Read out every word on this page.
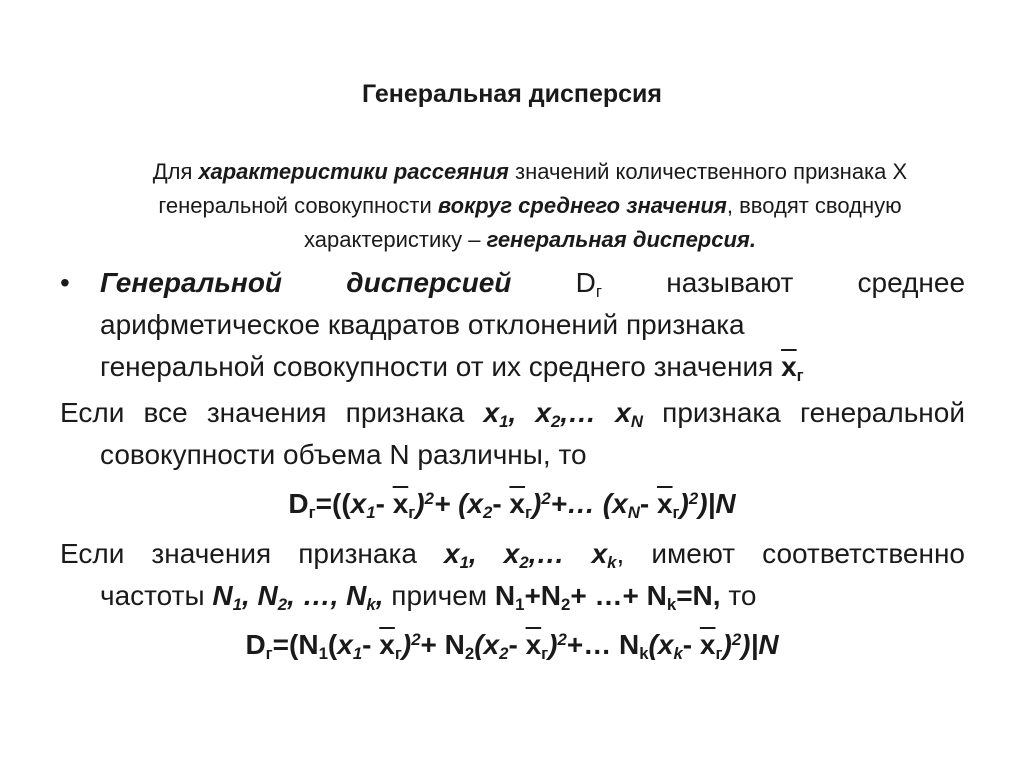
Генеральная дисперсия
Для характеристики рассеяния значений количественного признака X
генеральной совокупности вокруг среднего значения, вводят сводную
характеристику – генеральная дисперсия.
• Генеральной дисперсией $D_г$ называют среднее арифметическое квадратов отклонений признака
генеральной совокупности от их среднего значения $\overline{x}_г$
Если все значения признака $x_1$, $x_2,\dots$ $x_N$ признака генеральной
совокупности объема N различны, то
$D_г=((x_1-$ $\overline{x}_г)^2+ (x_2-$ $\overline{x}_г)^2+\dots$ ($x_N-$ $\overline{x}_г)^2)|N$
Если значения признака $x_1$, $x_2,\dots$ $x_k$, имеют соответственно
частоты $N_1$, $N_2$, …, $N_k$, причем $N_1+N_2+$ …+ $N_k=N$, то
$D_г=(N_1(x_1-$ $\overline{x}_г)^2+ N_2(x_2-$ $\overline{x}_г)^2+\dots$ $N_k(x_k-$ $\overline{x}_г)^2)|N$
